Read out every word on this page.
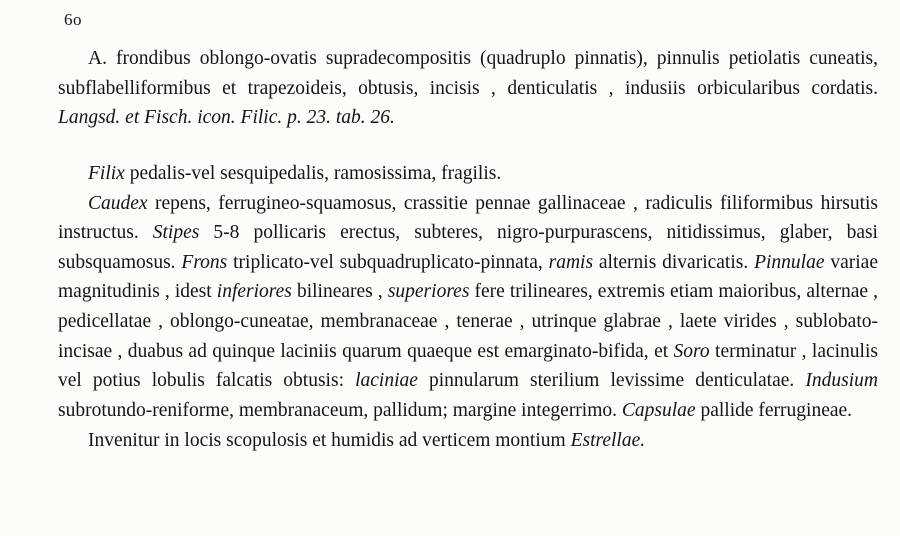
6o

A. frondibus oblongo-ovatis supradecompositis (quadruplo pinnatis), pinnulis petiolatis cuneatis, subflabelliformibus et trapezoideis, obtusis, incisis , denticulatis , indusiis orbicularibus cordatis. Langsd. et Fisch. icon. Filic. p. 23. tab. 26.

Filix pedalis-vel sesquipedalis, ramosissima, fragilis.

Caudex repens, ferrugineo-squamosus, crassitie pennae gallinaceae , radiculis filiformibus hirsutis instructus. Stipes 5-8 pollicaris erectus, subteres, nigro-purpurascens, nitidissimus, glaber, basi subsquamosus. Frons triplicato-vel subquadruplicato-pinnata, ramis alternis divaricatis. Pinnulae variae magnitudinis , idest inferiores bilineares , superiores fere trilineares, extremis etiam maioribus, alternae , pedicellatae , oblongo-cuneatae, membranaceae , tenerae , utrinque glabrae , laete virides , sublobato-incisae , duabus ad quinque laciniis quarum quaeque est emarginato-bifida, et Soro terminatur , lacinulis vel potius lobulis falcatis obtusis: laciniae pinnularum sterilium levissime denticulatae. Indusium subrotundo-reniforme, membranaceum, pallidum; margine integerrimo. Capsulae pallide ferrugineae.

Invenitur in locis scopulosis et humidis ad verticem montium Estrellae.
